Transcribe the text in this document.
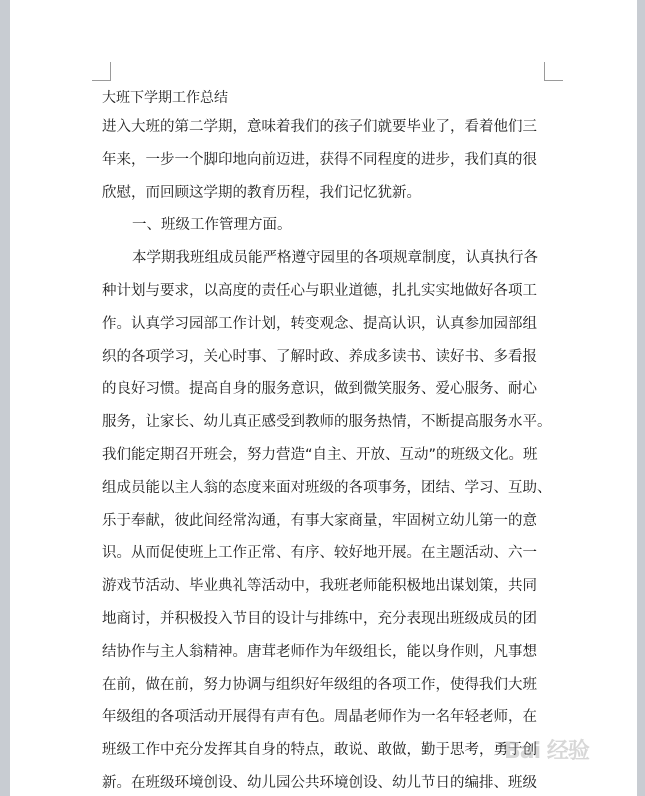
大班下学期工作总结

进入大班的第二学期，意味着我们的孩子们就要毕业了，看着他们三

年来，一步一个脚印地向前迈进，获得不同程度的进步，我们真的很

欣慰，而回顾这学期的教育历程，我们记忆犹新。

一、班级工作管理方面。

本学期我班组成员能严格遵守园里的各项规章制度，认真执行各

种计划与要求，以高度的责任心与职业道德，扎扎实实地做好各项工

作。认真学习园部工作计划，转变观念、提高认识，认真参加园部组

织的各项学习，关心时事、了解时政、养成多读书、读好书、多看报

的良好习惯。提高自身的服务意识，做到微笑服务、爱心服务、耐心

服务，让家长、幼儿真正感受到教师的服务热情，不断提高服务水平。

我们能定期召开班会，努力营造“自主、开放、互动”的班级文化。班

组成员能以主人翁的态度来面对班级的各项事务，团结、学习、互助、

乐于奉献，彼此间经常沟通，有事大家商量，牢固树立幼儿第一的意

识。从而促使班上工作正常、有序、较好地开展。在主题活动、六一

游戏节活动、毕业典礼等活动中，我班老师能积极地出谋划策，共同

地商讨，并积极投入节目的设计与排练中，充分表现出班级成员的团

结协作与主人翁精神。唐茸老师作为年级组长，能以身作则，凡事想

在前，做在前，努力协调与组织好年级组的各项工作，使得我们大班

年级组的各项活动开展得有声有色。周晶老师作为一名年轻老师，在

班级工作中充分发挥其自身的特点，敢说、敢做，勤于思考，勇于创

新。在班级环境创设、幼儿园公共环境创设、幼儿节日的编排、班级

Bai 经验
